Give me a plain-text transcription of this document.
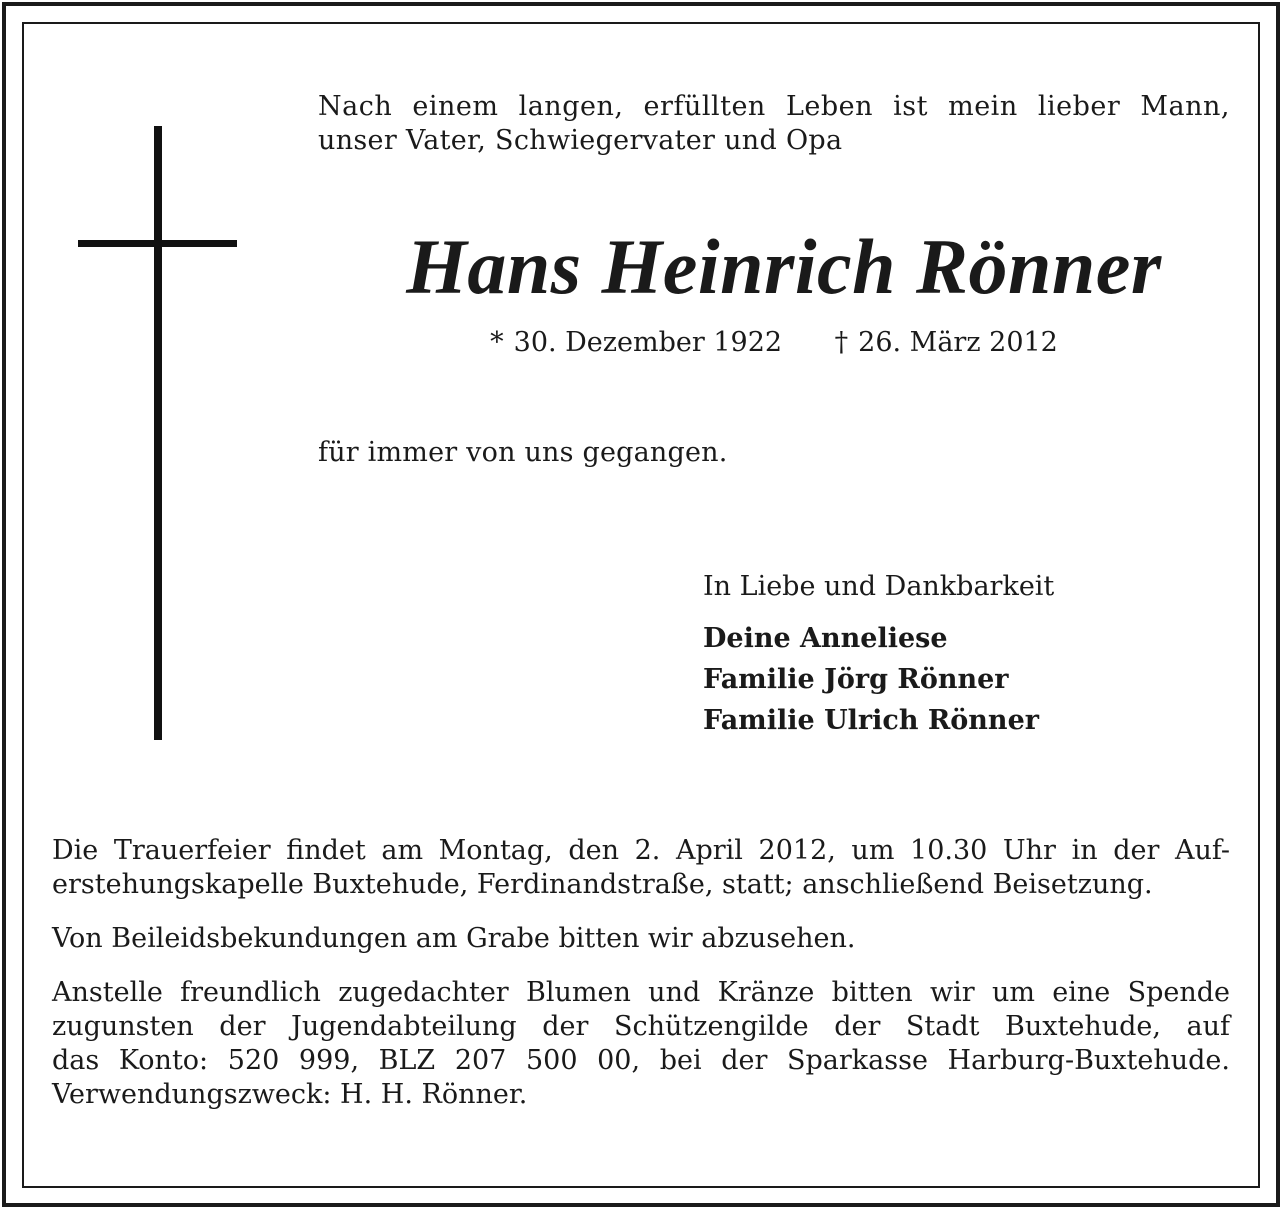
Nach einem langen, erfüllten Leben ist mein lieber Mann,
unser Vater, Schwiegervater und Opa
Hans Heinrich Rönner
* 30. Dezember 1922 † 26. März 2012
für immer von uns gegangen.
In Liebe und Dankbarkeit
Deine Anneliese
Familie Jörg Rönner
Familie Ulrich Rönner

Die Trauerfeier findet am Montag, den 2. April 2012, um 10.30 Uhr in der Auf-
erstehungskapelle Buxtehude, Ferdinandstraße, statt; anschließend Beisetzung.

Von Beileidsbekundungen am Grabe bitten wir abzusehen.

Anstelle freundlich zugedachter Blumen und Kränze bitten wir um eine Spende
zugunsten der Jugendabteilung der Schützengilde der Stadt Buxtehude, auf
das Konto: 520 999, BLZ 207 500 00, bei der Sparkasse Harburg-Buxtehude.
Verwendungszweck: H. H. Rönner.
